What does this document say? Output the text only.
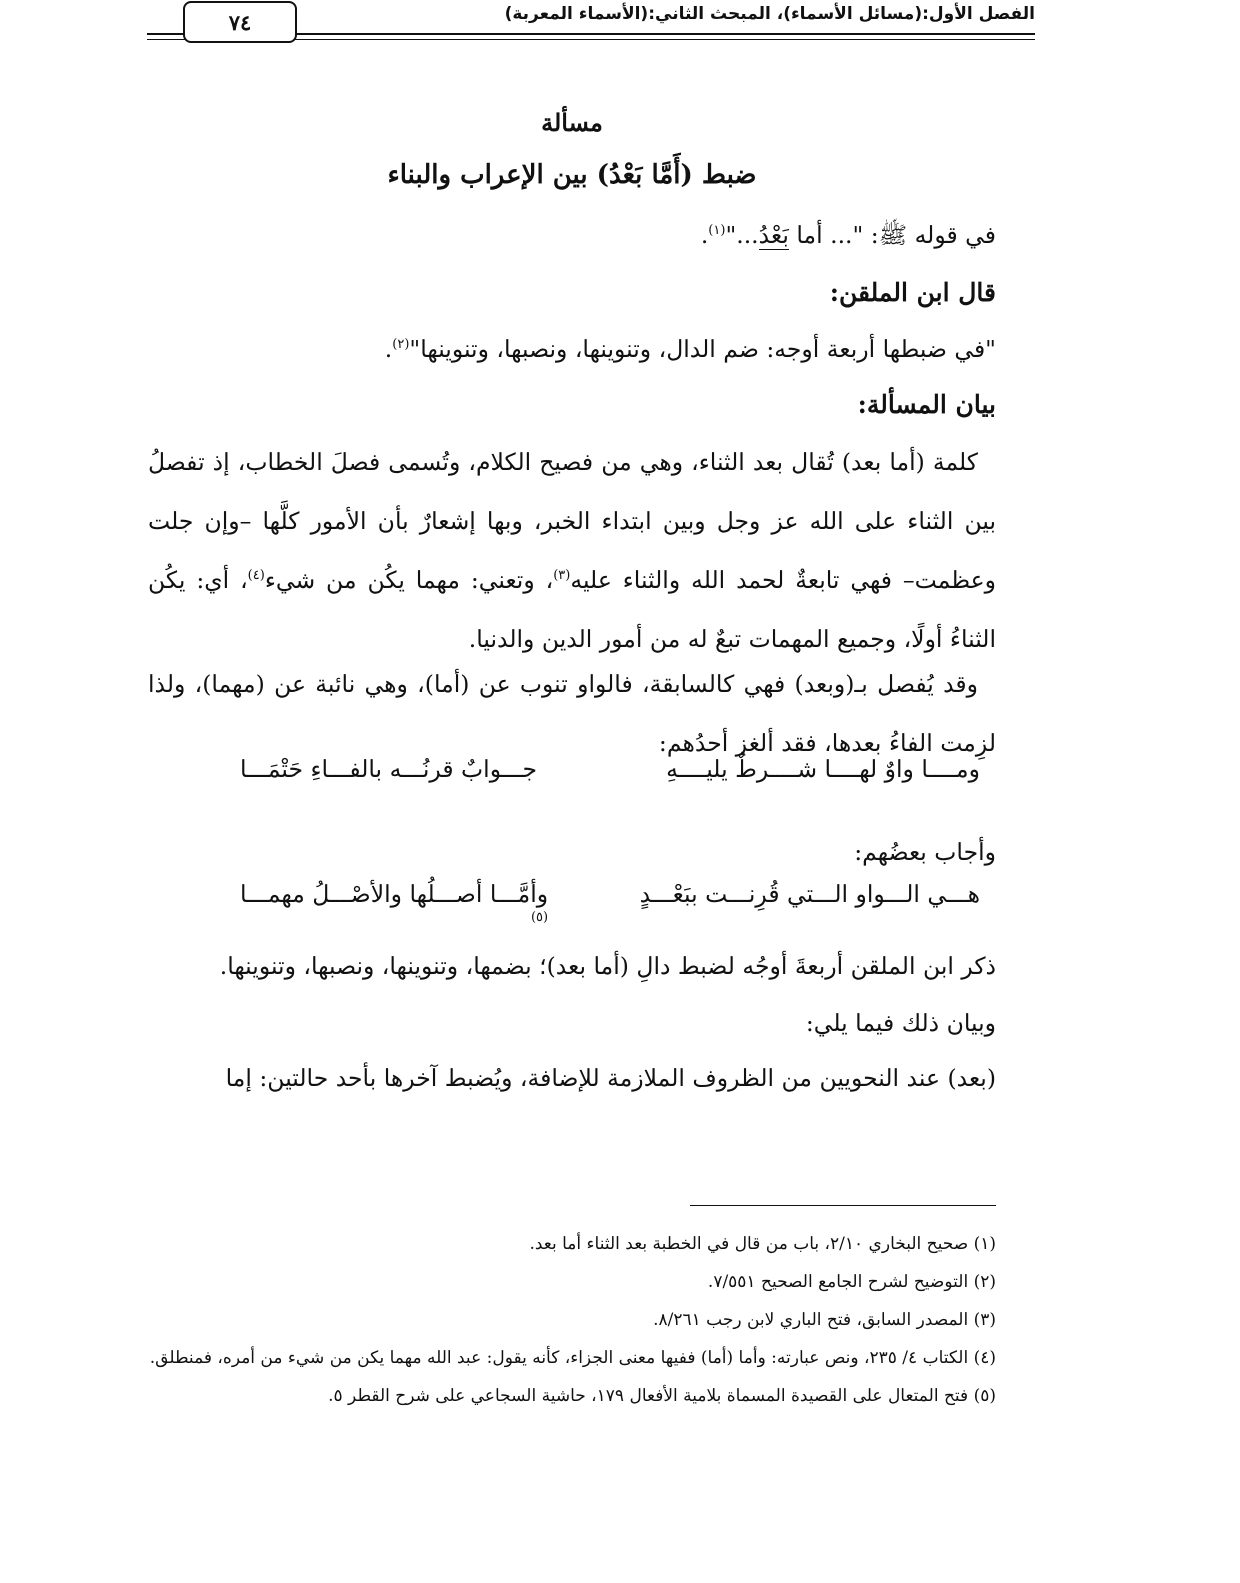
الفصل الأول:(مسائل الأسماء)، المبحث الثاني:(الأسماء المعربة)
٧٤
مسألة
ضبط (أَمَّا بَعْدُ) بين الإعراب والبناء
في قوله ﷺ: "... أما بَعْدُ..."$^{(١)}$.
قال ابن الملقن:
"في ضبطها أربعة أوجه: ضم الدال، وتنوينها، ونصبها، وتنوينها"$^{(٢)}$.
بيان المسألة:
كلمة (أما بعد) تُقال بعد الثناء، وهي من فصيح الكلام، وتُسمى فصلَ الخطاب، إذ تفصلُ بين الثناء على الله عز وجل وبين ابتداء الخبر، وبها إشعارٌ بأن الأمور كلَّها –وإن جلت وعظمت– فهي تابعةٌ لحمد الله والثناء عليه$^{(٣)}$، وتعني: مهما يكُن من شيء$^{(٤)}$، أي: يكُن الثناءُ أولًا، وجميع المهمات تبعٌ له من أمور الدين والدنيا.
وقد يُفصل بـ(وبعد) فهي كالسابقة، فالواو تنوب عن (أما)، وهي نائبة عن (مهما)، ولذا لزِمت الفاءُ بعدها، فقد ألغز أحدُهم:
ومــــا واوٌ لهــــا شــــرطٌ يليــــهِ
جـــوابٌ قرنُـــه بالفـــاءِ حَتْمَـــا
وأجاب بعضُهم:
هـــي الـــواو الـــتي قُرِنـــت ببَعْـــدٍ
وأمَّـــا أصـــلُها والأصْـــلُ مهمـــا
$^{(٥)}$
ذكر ابن الملقن أربعةَ أوجُه لضبط دالِ (أما بعد)؛ بضمها، وتنوينها، ونصبها، وتنوينها.
وبيان ذلك فيما يلي:
(بعد) عند النحويين من الظروف الملازمة للإضافة، ويُضبط آخرها بأحد حالتين: إما
(١) صحيح البخاري ٢/١٠، باب من قال في الخطبة بعد الثناء أما بعد.
(٢) التوضيح لشرح الجامع الصحيح ٧/٥٥١.
(٣) المصدر السابق، فتح الباري لابن رجب ٨/٢٦١.
(٤) الكتاب ٤/ ٢٣٥، ونص عبارته: وأما (أما) ففيها معنى الجزاء، كأنه يقول: عبد الله مهما يكن من شيء من أمره، فمنطلق.
(٥) فتح المتعال على القصيدة المسماة بلامية الأفعال ١٧٩، حاشية السجاعي على شرح القطر ٥.
